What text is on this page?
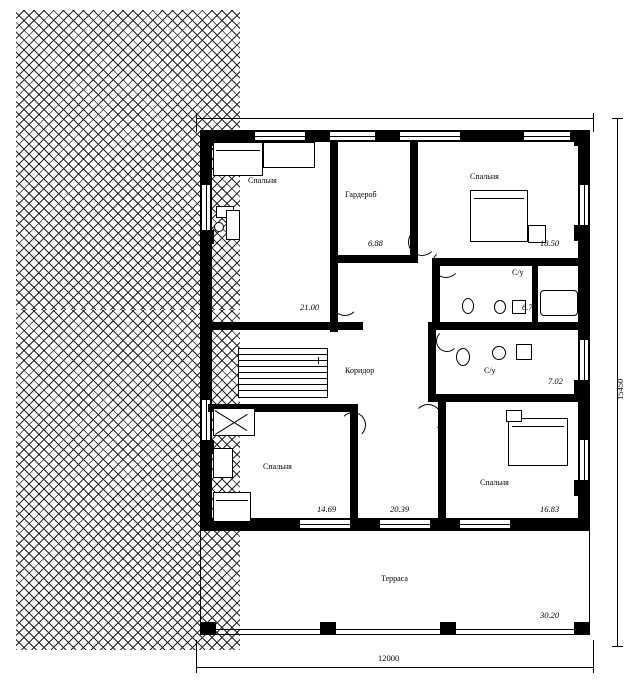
15450
12000
Спальня
21.00
Гардероб
6.88
Спальня
18.50
С/у
6.75
С/у
7.02
Коридор
20.39
Спальня
14.69
Спальня
16.83
Терраса
30.20
